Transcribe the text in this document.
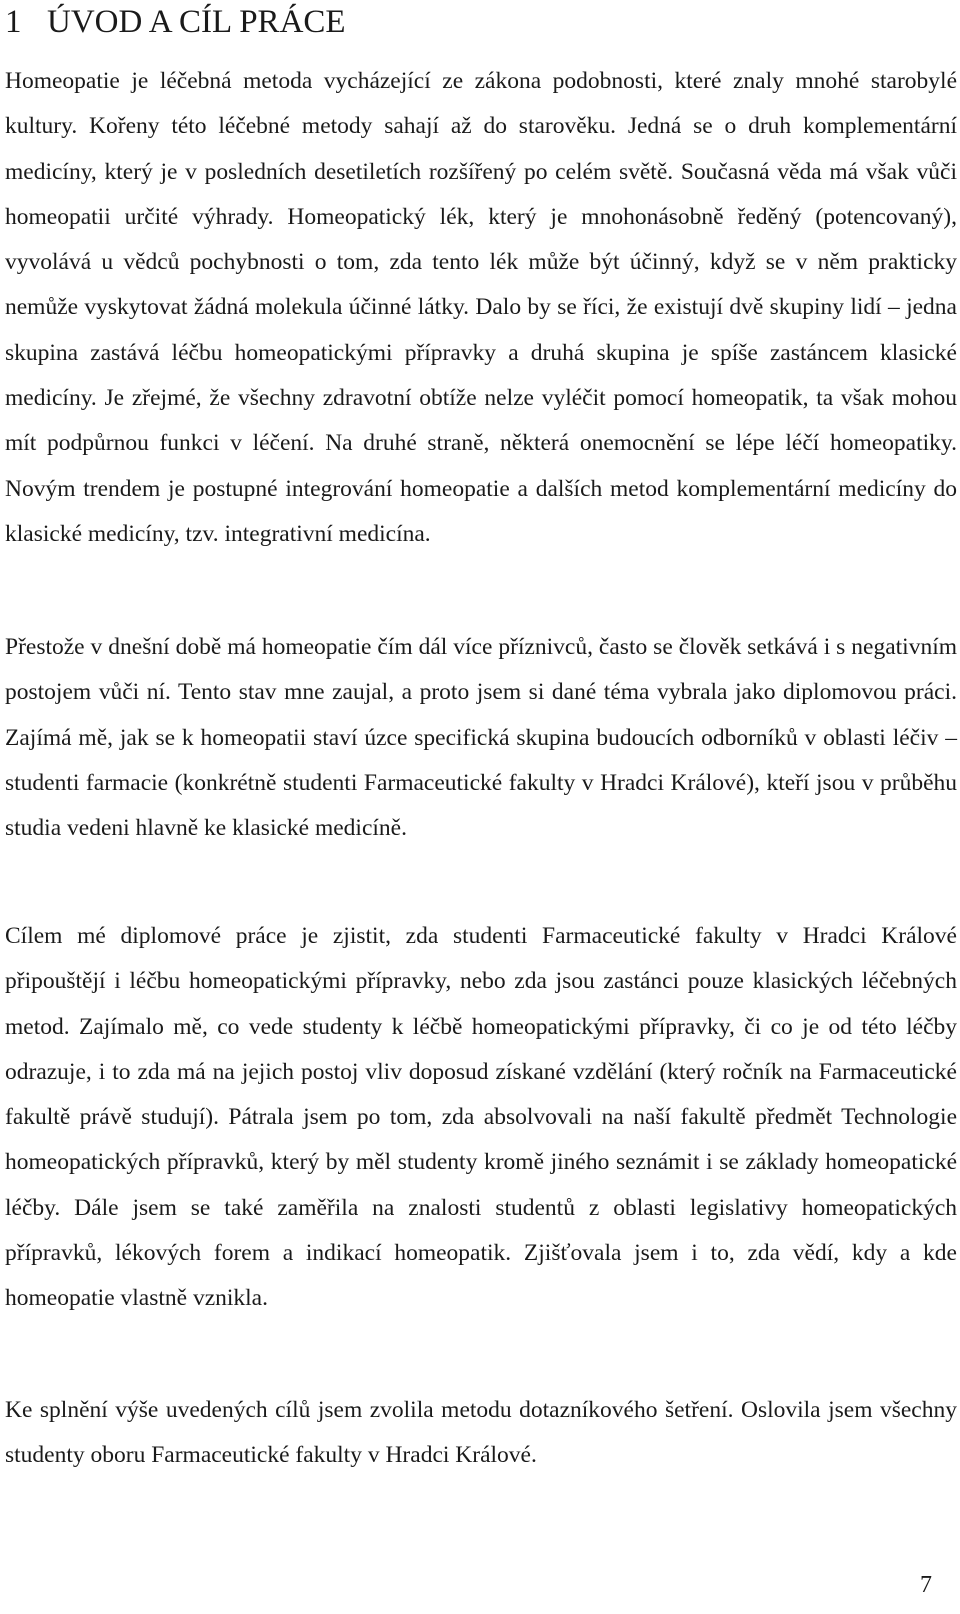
1 ÚVOD A CÍL PRÁCE

Homeopatie je léčebná metoda vycházející ze zákona podobnosti, které znaly mnohé starobylé kultury. Kořeny této léčebné metody sahají až do starověku. Jedná se o druh komplementární medicíny, který je v posledních desetiletích rozšířený po celém světě. Současná věda má však vůči homeopatii určité výhrady. Homeopatický lék, který je mnohonásobně ředěný (potencovaný), vyvolává u vědců pochybnosti o tom, zda tento lék může být účinný, když se v něm prakticky nemůže vyskytovat žádná molekula účinné látky. Dalo by se říci, že existují dvě skupiny lidí – jedna skupina zastává léčbu homeopatickými přípravky a druhá skupina je spíše zastáncem klasické medicíny. Je zřejmé, že všechny zdravotní obtíže nelze vyléčit pomocí homeopatik, ta však mohou mít podpůrnou funkci v léčení. Na druhé straně, některá onemocnění se lépe léčí homeopatiky. Novým trendem je postupné integrování homeopatie a dalších metod komplementární medicíny do klasické medicíny, tzv. integrativní medicína.

Přestože v dnešní době má homeopatie čím dál více příznivců, často se člověk setkává i s negativním postojem vůči ní. Tento stav mne zaujal, a proto jsem si dané téma vybrala jako diplomovou práci. Zajímá mě, jak se k homeopatii staví úzce specifická skupina budoucích odborníků v oblasti léčiv – studenti farmacie (konkrétně studenti Farmaceutické fakulty v Hradci Králové), kteří jsou v průběhu studia vedeni hlavně ke klasické medicíně.

Cílem mé diplomové práce je zjistit, zda studenti Farmaceutické fakulty v Hradci Králové připouštějí i léčbu homeopatickými přípravky, nebo zda jsou zastánci pouze klasických léčebných metod. Zajímalo mě, co vede studenty k léčbě homeopatickými přípravky, či co je od této léčby odrazuje, i to zda má na jejich postoj vliv doposud získané vzdělání (který ročník na Farmaceutické fakultě právě studují). Pátrala jsem po tom, zda absolvovali na naší fakultě předmět Technologie homeopatických přípravků, který by měl studenty kromě jiného seznámit i se základy homeopatické léčby. Dále jsem se také zaměřila na znalosti studentů z oblasti legislativy homeopatických přípravků, lékových forem a indikací homeopatik. Zjišťovala jsem i to, zda vědí, kdy a kde homeopatie vlastně vznikla.

Ke splnění výše uvedených cílů jsem zvolila metodu dotazníkového šetření. Oslovila jsem všechny studenty oboru Farmaceutické fakulty v Hradci Králové.

7
